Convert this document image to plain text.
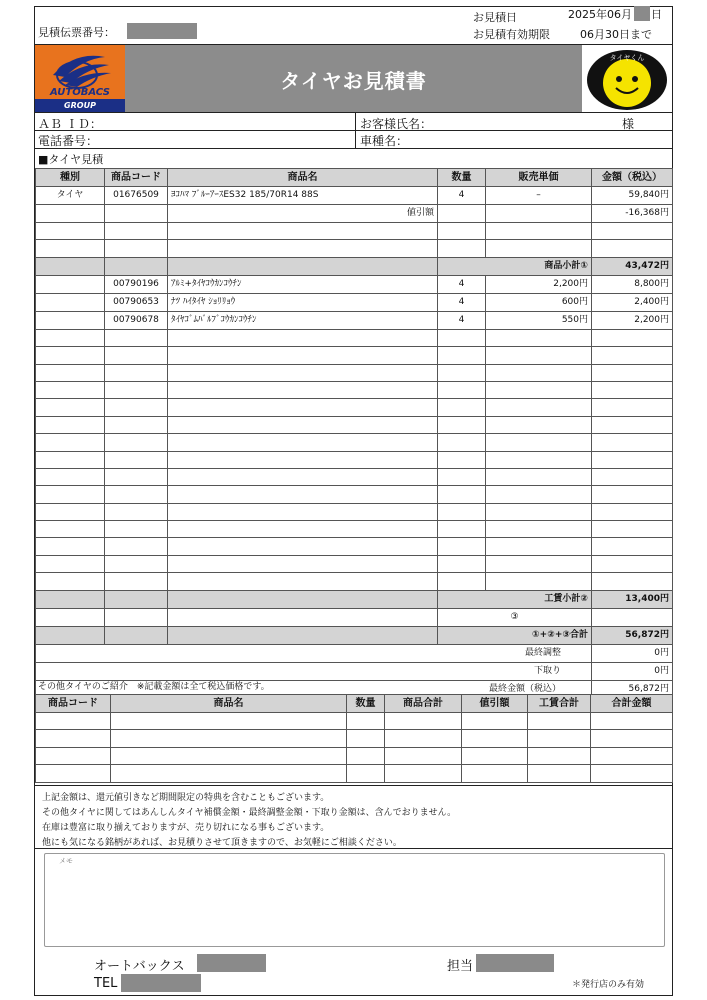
見積伝票番号：
お見積日	2025年06月 日
お見積有効期限	06月30日まで
AUTOBACS
GROUP
タイヤお見積書
タイヤくん
ＡＢ ＩＤ：	お客様氏名：	様
電話番号：	車種名：
■タイヤ見積
種別	商品コード	商品名	数量	販売単価	金額（税込）
タイヤ	01676509	ﾖｺﾊﾏ ﾌﾞﾙｰｱｰｽES32 185/70R14 88S	4	–	59,840円
		値引額			-16,368円

			商品小計①		43,472円
	00790196	ｱﾙﾐ+ﾀｲﾔｺｳｶﾝｺｳﾁﾝ	4	2,200円	8,800円
	00790653	ﾅﾂ ﾊｲﾀｲﾔ ｼｮﾘﾘｮｳ	4	600円	2,400円
	00790678	ﾀｲﾔｺﾞﾑﾊﾞﾙﾌﾞｺｳｶﾝｺｳﾁﾝ	4	550円	2,200円

			工賃小計②		13,400円
			③		
			①+②+③合計		56,872円
最終調整					0円
下取り					0円
最終金額（税込）					56,872円
その他タイヤのご紹介　※記載金額は全て税込価格です。
商品コード	商品名	数量	商品合計	値引額	工賃合計	合計金額

上記金額は、還元値引きなど期間限定の特典を含むこともございます。
その他タイヤに関してはあんしんタイヤ補償金額・最終調整金額・下取り金額は、含んでおりません。
在庫は豊富に取り揃えておりますが、売り切れになる事もございます。
他にも気になる銘柄があれば、お見積りさせて頂きますので、お気軽にご相談ください。
メモ
オートバックス
TEL
担当
＊発行店のみ有効
